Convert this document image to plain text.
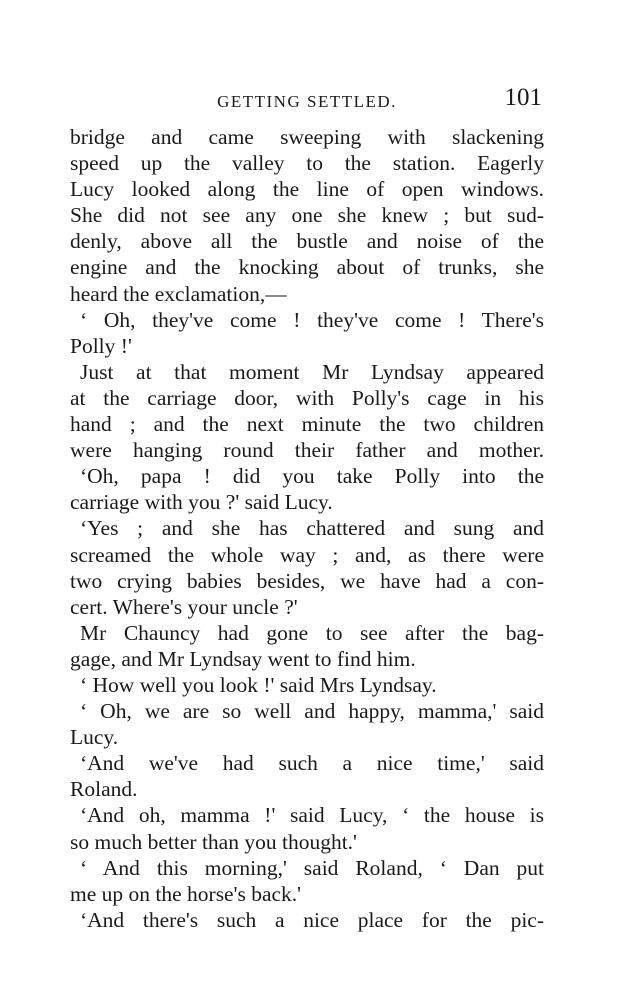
GETTING SETTLED.	101
bridge and came sweeping with slackening
speed up the valley to the station. Eagerly
Lucy looked along the line of open windows.
She did not see any one she knew ; but sud-
denly, above all the bustle and noise of the
engine and the knocking about of trunks, she
heard the exclamation,—
‘ Oh, they've come ! they've come ! There's
Polly !'
Just at that moment Mr Lyndsay appeared
at the carriage door, with Polly's cage in his
hand ; and the next minute the two children
were hanging round their father and mother.
‘Oh, papa ! did you take Polly into the
carriage with you ?' said Lucy.
‘Yes ; and she has chattered and sung and
screamed the whole way ; and, as there were
two crying babies besides, we have had a con-
cert. Where's your uncle ?'
Mr Chauncy had gone to see after the bag-
gage, and Mr Lyndsay went to find him.
‘ How well you look !' said Mrs Lyndsay.
‘ Oh, we are so well and happy, mamma,' said
Lucy.
‘And we've had such a nice time,' said
Roland.
‘And oh, mamma !' said Lucy, ‘ the house is
so much better than you thought.'
‘ And this morning,' said Roland, ‘ Dan put
me up on the horse's back.'
‘And there's such a nice place for the pic-
